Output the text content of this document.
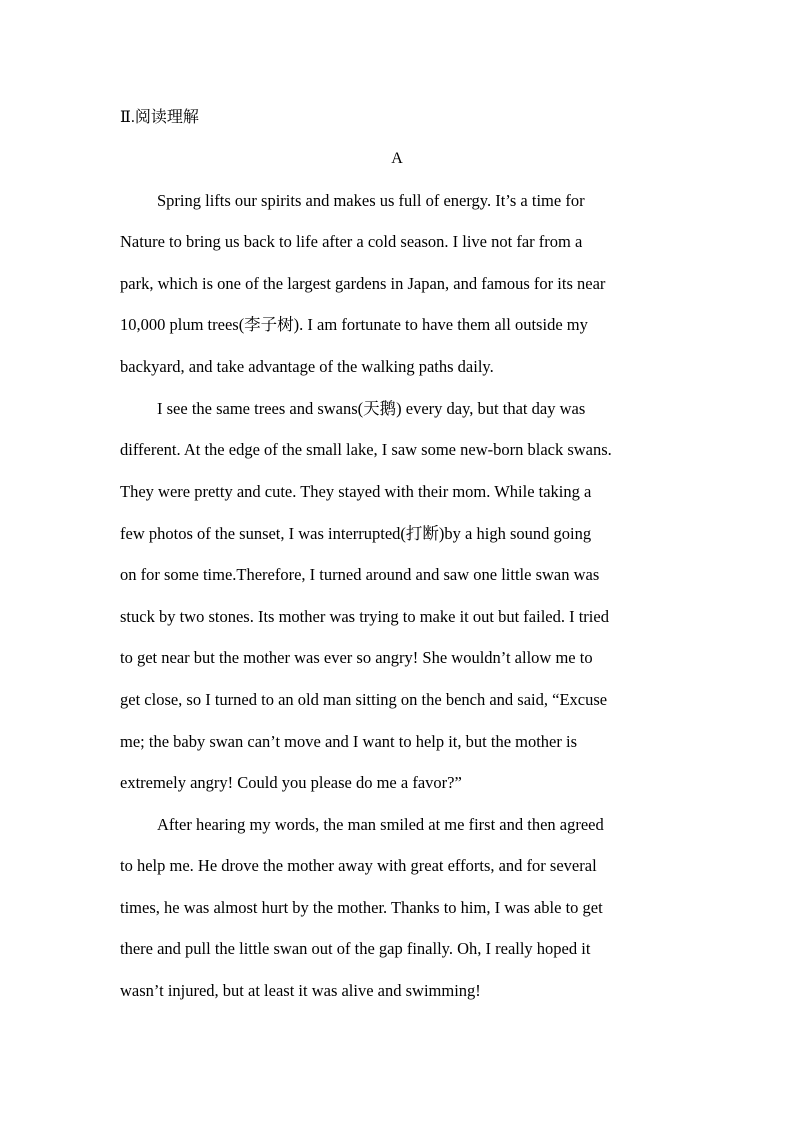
Ⅱ.阅读理解
A
Spring lifts our spirits and makes us full of energy. It’s a time for
Nature to bring us back to life after a cold season. I live not far from a
park, which is one of the largest gardens in Japan, and famous for its near
10,000 plum trees(李子树). I am fortunate to have them all outside my
backyard, and take advantage of the walking paths daily.
I see the same trees and swans(天鹅) every day, but that day was
different. At the edge of the small lake, I saw some new-born black swans.
They were pretty and cute. They stayed with their mom. While taking a
few photos of the sunset, I was interrupted(打断)by a high sound going
on for some time.Therefore, I turned around and saw one little swan was
stuck by two stones. Its mother was trying to make it out but failed. I tried
to get near but the mother was ever so angry! She wouldn’t allow me to
get close, so I turned to an old man sitting on the bench and said, “Excuse
me; the baby swan can’t move and I want to help it, but the mother is
extremely angry! Could you please do me a favor?”
After hearing my words, the man smiled at me first and then agreed
to help me. He drove the mother away with great efforts, and for several
times, he was almost hurt by the mother. Thanks to him, I was able to get
there and pull the little swan out of the gap finally. Oh, I really hoped it
wasn’t injured, but at least it was alive and swimming!
